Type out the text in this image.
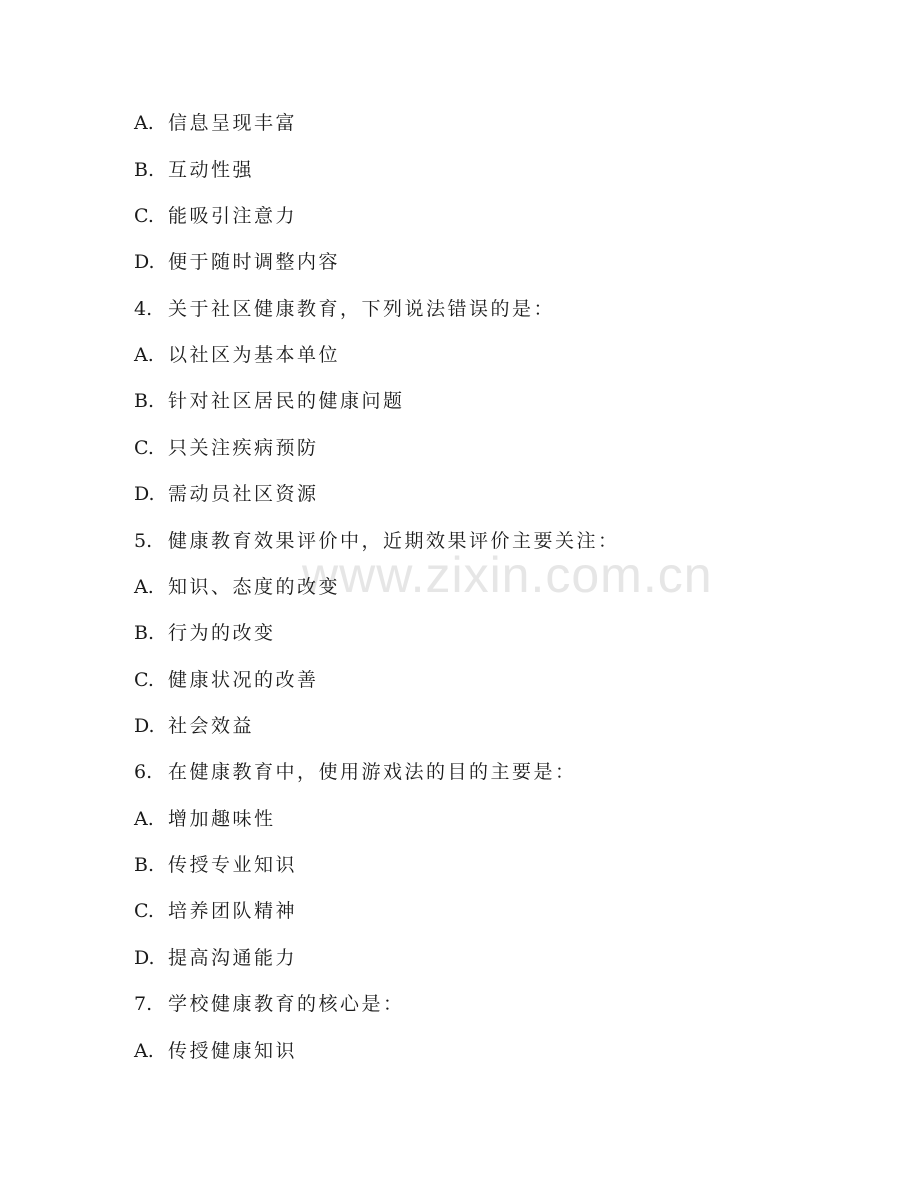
www.zixin.com.cn
A. 信息呈现丰富
B. 互动性强
C. 能吸引注意力
D. 便于随时调整内容
4. 关于社区健康教育，下列说法错误的是：
A. 以社区为基本单位
B. 针对社区居民的健康问题
C. 只关注疾病预防
D. 需动员社区资源
5. 健康教育效果评价中，近期效果评价主要关注：
A. 知识、态度的改变
B. 行为的改变
C. 健康状况的改善
D. 社会效益
6. 在健康教育中，使用游戏法的目的主要是：
A. 增加趣味性
B. 传授专业知识
C. 培养团队精神
D. 提高沟通能力
7. 学校健康教育的核心是：
A. 传授健康知识
